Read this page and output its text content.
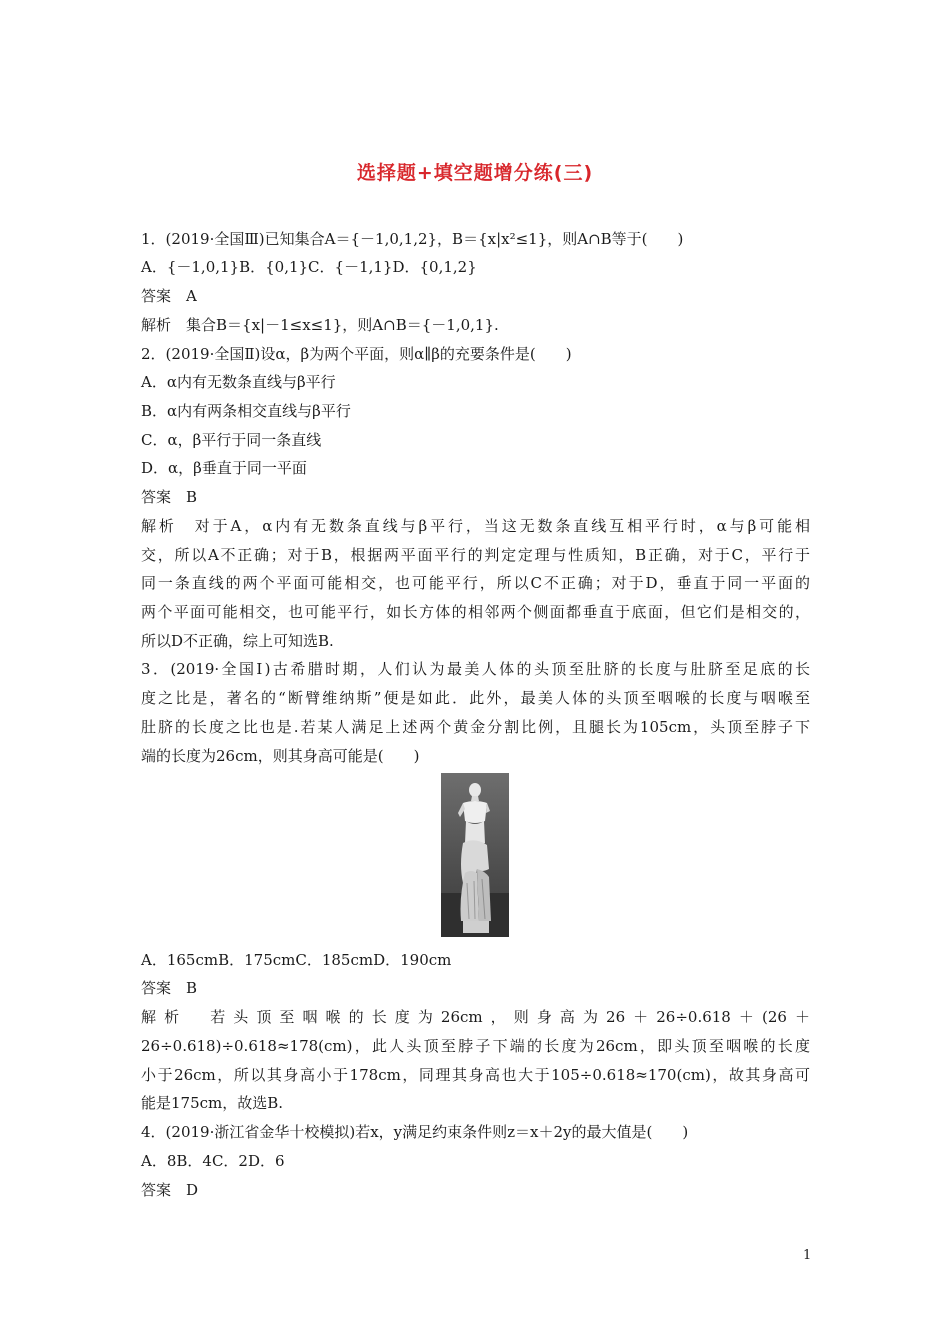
选择题+填空题增分练(三)
1．(2019·全国Ⅲ)已知集合A＝{－1,0,1,2}，B＝{x|x²≤1}，则A∩B等于(　　)
A．{－1,0,1}B．{0,1}C．{－1,1}D．{0,1,2}
答案　A
解析　集合B＝{x|－1≤x≤1}，则A∩B＝{－1,0,1}.
2．(2019·全国Ⅱ)设α，β为两个平面，则α∥β的充要条件是(　　)
A．α内有无数条直线与β平行
B．α内有两条相交直线与β平行
C．α，β平行于同一条直线
D．α，β垂直于同一平面
答案　B
解析　对于A，α内有无数条直线与β平行，当这无数条直线互相平行时，α与β可能相
交，所以A不正确；对于B，根据两平面平行的判定定理与性质知，B正确，对于C，平行于
同一条直线的两个平面可能相交，也可能平行，所以C不正确；对于D，垂直于同一平面的
两个平面可能相交，也可能平行，如长方体的相邻两个侧面都垂直于底面，但它们是相交的，
所以D不正确，综上可知选B.
3．(2019·全国Ⅰ)古希腊时期，人们认为最美人体的头顶至肚脐的长度与肚脐至足底的长
度之比是，著名的“断臂维纳斯”便是如此．此外，最美人体的头顶至咽喉的长度与咽喉至
肚脐的长度之比也是.若某人满足上述两个黄金分割比例，且腿长为105cm，头顶至脖子下
端的长度为26cm，则其身高可能是(　　)
A．165cmB．175cmC．185cmD．190cm
答案　B
解析　若头顶至咽喉的长度为26cm，则身高为26＋26÷0.618＋(26＋
26÷0.618)÷0.618≈178(cm)，此人头顶至脖子下端的长度为26cm，即头顶至咽喉的长度
小于26cm，所以其身高小于178cm，同理其身高也大于105÷0.618≈170(cm)，故其身高可
能是175cm，故选B.
4．(2019·浙江省金华十校模拟)若x，y满足约束条件则z＝x＋2y的最大值是(　　)
A．8B．4C．2D．6
答案　D
1
